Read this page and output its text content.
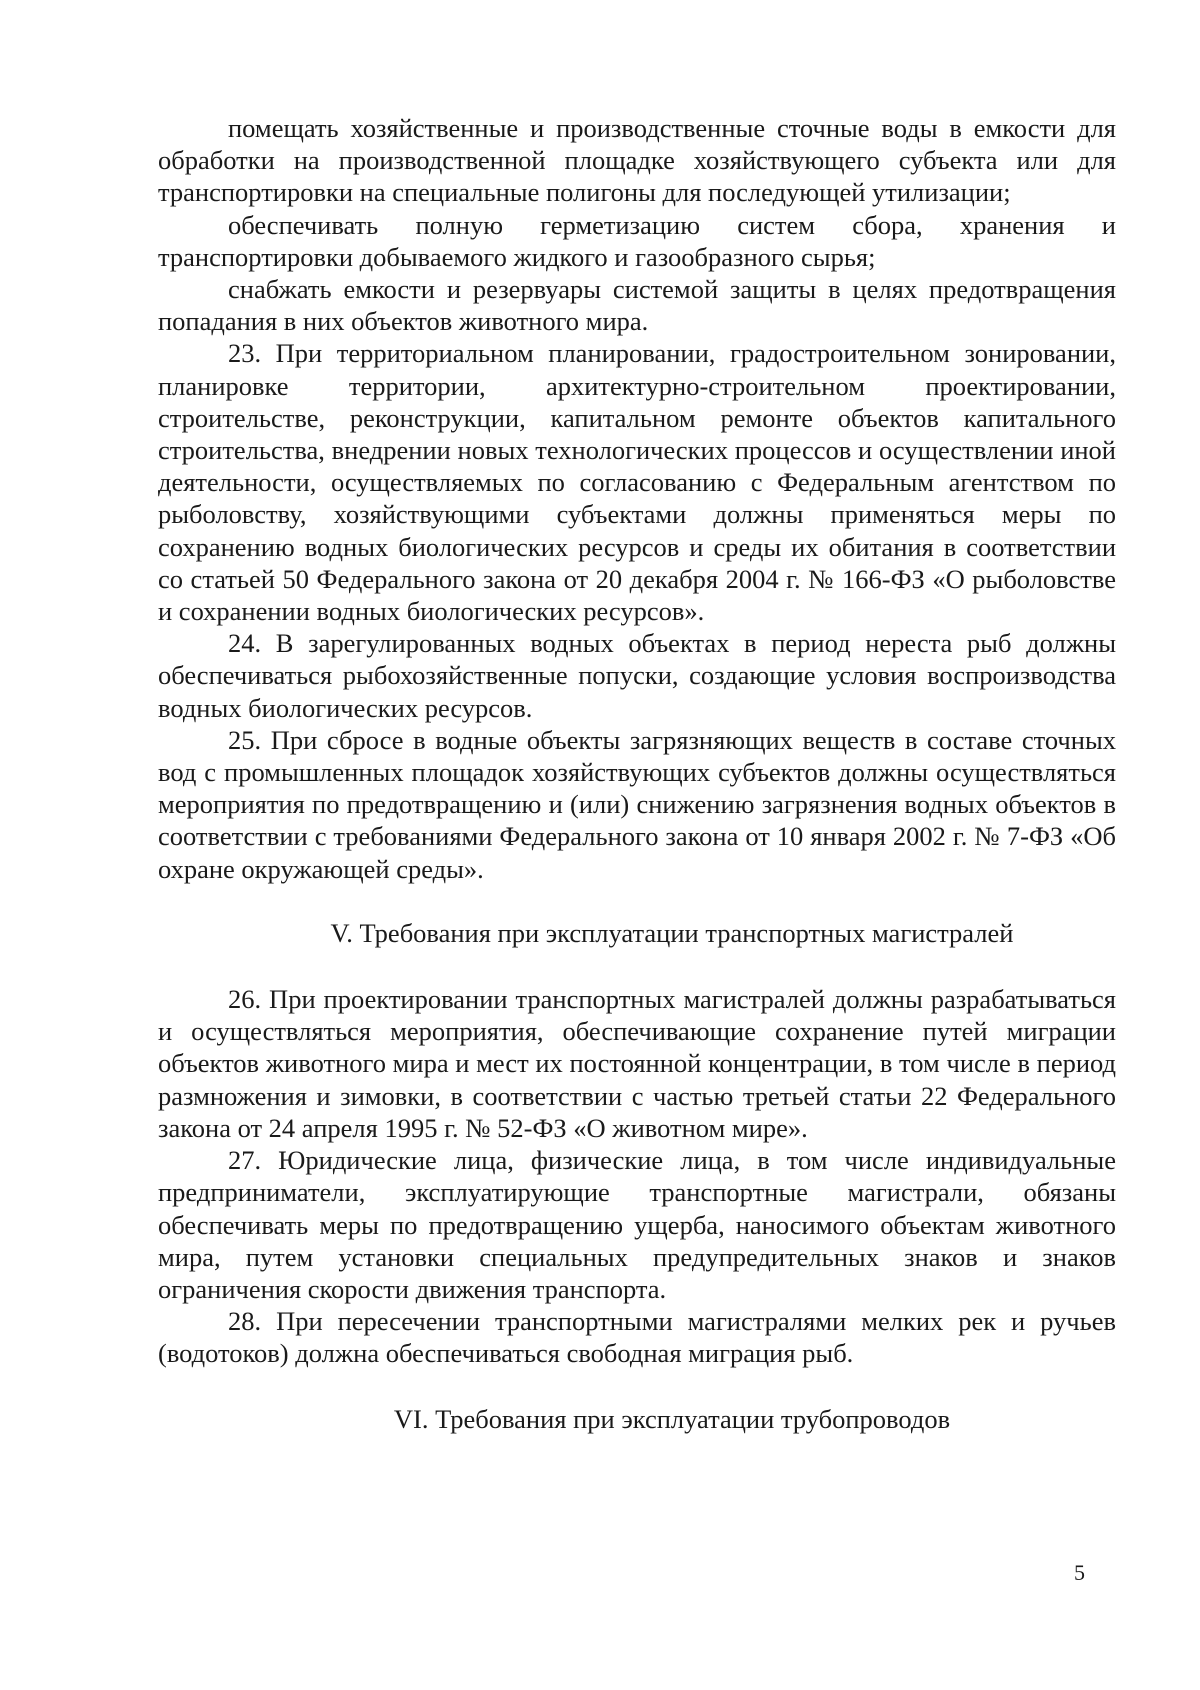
помещать хозяйственные и производственные сточные воды в емкости для обработки на производственной площадке хозяйствующего субъекта или для транспортировки на специальные полигоны для последующей утилизации;

обеспечивать полную герметизацию систем сбора, хранения и транспортировки добываемого жидкого и газообразного сырья;

снабжать емкости и резервуары системой защиты в целях предотвращения попадания в них объектов животного мира.

23. При территориальном планировании, градостроительном зонировании, планировке территории, архитектурно-строительном проектировании, строительстве, реконструкции, капитальном ремонте объектов капитального строительства, внедрении новых технологических процессов и осуществлении иной деятельности, осуществляемых по согласованию с Федеральным агентством по рыболовству, хозяйствующими субъектами должны применяться меры по сохранению водных биологических ресурсов и среды их обитания в соответствии со статьей 50 Федерального закона от 20 декабря 2004 г. № 166-ФЗ «О рыболовстве и сохранении водных биологических ресурсов».

24. В зарегулированных водных объектах в период нереста рыб должны обеспечиваться рыбохозяйственные попуски, создающие условия воспроизводства водных биологических ресурсов.

25. При сбросе в водные объекты загрязняющих веществ в составе сточных вод с промышленных площадок хозяйствующих субъектов должны осуществляться мероприятия по предотвращению и (или) снижению загрязнения водных объектов в соответствии с требованиями Федерального закона от 10 января 2002 г. № 7-ФЗ «Об охране окружающей среды».

V. Требования при эксплуатации транспортных магистралей

26. При проектировании транспортных магистралей должны разрабатываться и осуществляться мероприятия, обеспечивающие сохранение путей миграции объектов животного мира и мест их постоянной концентрации, в том числе в период размножения и зимовки, в соответствии с частью третьей статьи 22 Федерального закона от 24 апреля 1995 г. № 52-ФЗ «О животном мире».

27. Юридические лица, физические лица, в том числе индивидуальные предприниматели, эксплуатирующие транспортные магистрали, обязаны обеспечивать меры по предотвращению ущерба, наносимого объектам животного мира, путем установки специальных предупредительных знаков и знаков ограничения скорости движения транспорта.

28. При пересечении транспортными магистралями мелких рек и ручьев (водотоков) должна обеспечиваться свободная миграция рыб.

VI. Требования при эксплуатации трубопроводов

5
